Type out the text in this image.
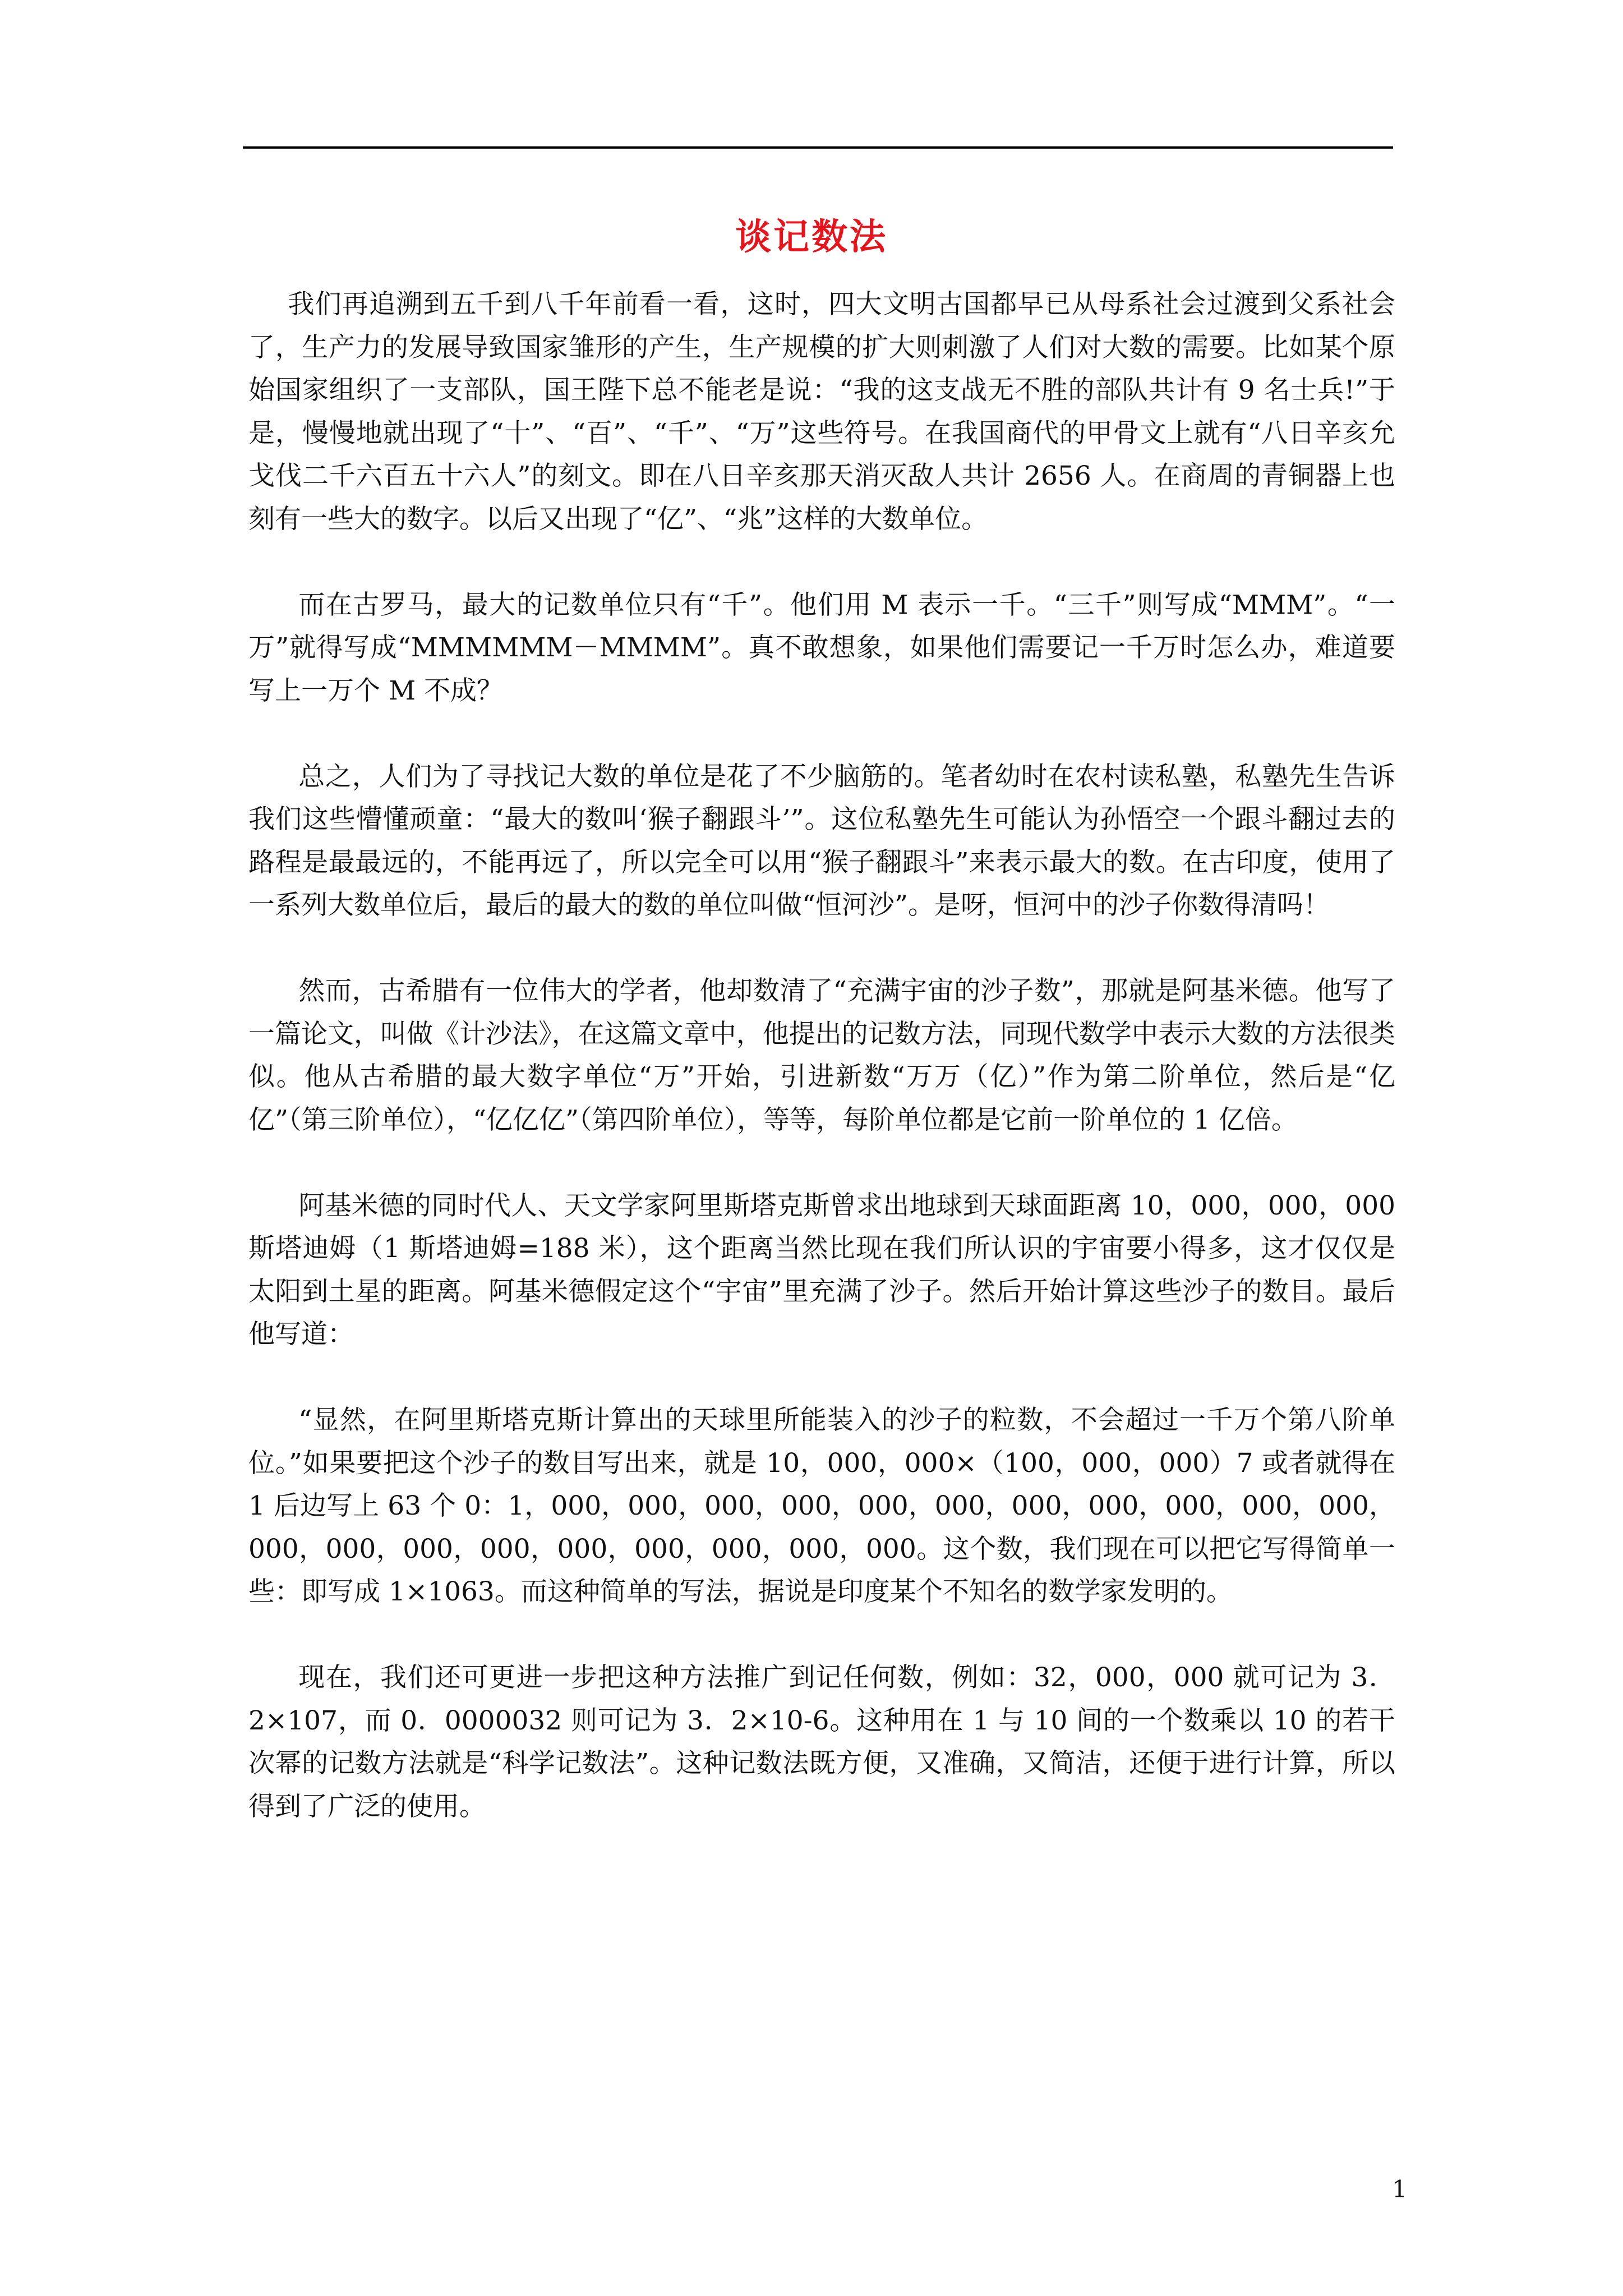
谈记数法

我们再追溯到五千到八千年前看一看，这时，四大文明古国都早已从母系社会过渡到父系社会了，生产力的发展导致国家雏形的产生，生产规模的扩大则刺激了人们对大数的需要。比如某个原始国家组织了一支部队，国王陛下总不能老是说：“我的这支战无不胜的部队共计有 9 名士兵!”于是，慢慢地就出现了“十”、“百”、“千”、“万”这些符号。在我国商代的甲骨文上就有“八日辛亥允戈伐二千六百五十六人”的刻文。即在八日辛亥那天消灭敌人共计 2656 人。在商周的青铜器上也刻有一些大的数字。以后又出现了“亿”、“兆”这样的大数单位。

而在古罗马，最大的记数单位只有“千”。他们用 M 表示一千。“三千”则写成“MMM”。“一万”就得写成“MMMMMM－MMMM”。真不敢想象，如果他们需要记一千万时怎么办，难道要写上一万个 M 不成？

总之，人们为了寻找记大数的单位是花了不少脑筋的。笔者幼时在农村读私塾，私塾先生告诉我们这些懵懂顽童：“最大的数叫‘猴子翻跟斗’”。这位私塾先生可能认为孙悟空一个跟斗翻过去的路程是最最远的，不能再远了，所以完全可以用“猴子翻跟斗”来表示最大的数。在古印度，使用了一系列大数单位后，最后的最大的数的单位叫做“恒河沙”。是呀，恒河中的沙子你数得清吗！

然而，古希腊有一位伟大的学者，他却数清了“充满宇宙的沙子数”，那就是阿基米德。他写了一篇论文，叫做《计沙法》，在这篇文章中，他提出的记数方法，同现代数学中表示大数的方法很类似。他从古希腊的最大数字单位“万”开始，引进新数“万万（亿）”作为第二阶单位，然后是“亿亿”（第三阶单位），“亿亿亿”（第四阶单位），等等，每阶单位都是它前一阶单位的 1 亿倍。

阿基米德的同时代人、天文学家阿里斯塔克斯曾求出地球到天球面距离 10，000，000，000 斯塔迪姆（1 斯塔迪姆=188 米），这个距离当然比现在我们所认识的宇宙要小得多，这才仅仅是太阳到土星的距离。阿基米德假定这个“宇宙”里充满了沙子。然后开始计算这些沙子的数目。最后他写道：

“显然，在阿里斯塔克斯计算出的天球里所能装入的沙子的粒数，不会超过一千万个第八阶单位。”如果要把这个沙子的数目写出来，就是 10，000，000×（100，000，000）7 或者就得在 1 后边写上 63 个 0：1，000，000，000，000，000，000，000，000，000，000，000，000，000，000，000，000，000，000，000，000。这个数，我们现在可以把它写得简单一些：即写成 1×1063。而这种简单的写法，据说是印度某个不知名的数学家发明的。

现在，我们还可更进一步把这种方法推广到记任何数，例如：32，000，000 就可记为 3．2×107，而 0．0000032 则可记为 3．2×10-6。这种用在 1 与 10 间的一个数乘以 10 的若干次幂的记数方法就是“科学记数法”。这种记数法既方便，又准确，又简洁，还便于进行计算，所以得到了广泛的使用。

1
